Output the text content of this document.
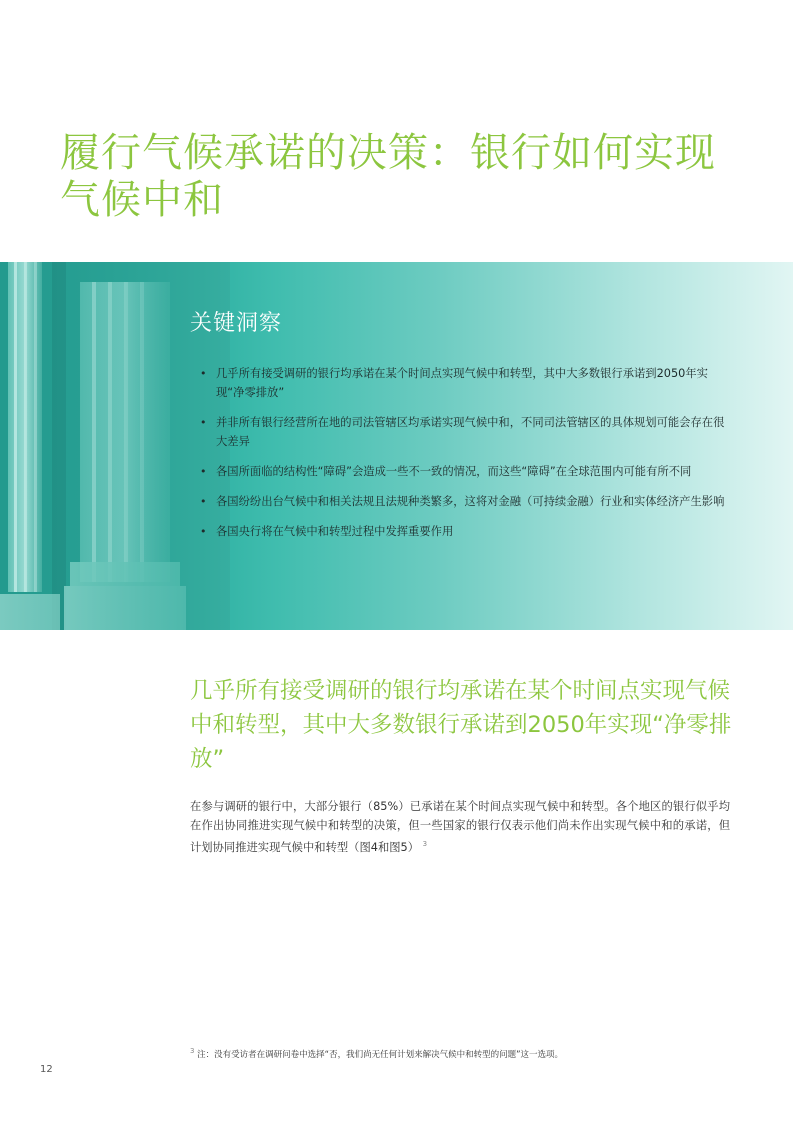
履行气候承诺的决策：银行如何实现气候中和
关键洞察
• 几乎所有接受调研的银行均承诺在某个时间点实现气候中和转型，其中大多数银行承诺到2050年实现“净零排放”
• 并非所有银行经营所在地的司法管辖区均承诺实现气候中和，不同司法管辖区的具体规划可能会存在很大差异
• 各国所面临的结构性“障碍”会造成一些不一致的情况，而这些“障碍”在全球范围内可能有所不同
• 各国纷纷出台气候中和相关法规且法规种类繁多，这将对金融（可持续金融）行业和实体经济产生影响
• 各国央行将在气候中和转型过程中发挥重要作用
几乎所有接受调研的银行均承诺在某个时间点实现气候中和转型，其中大多数银行承诺到2050年实现“净零排放”

在参与调研的银行中，大部分银行（85%）已承诺在某个时间点实现气候中和转型。各个地区的银行似乎均在作出协同推进实现气候中和转型的决策，但一些国家的银行仅表示他们尚未作出实现气候中和的承诺，但计划协同推进实现气候中和转型（图4和图5） $^3$

$^3$ 注：没有受访者在调研问卷中选择“否，我们尚无任何计划来解决气候中和转型的问题”这一选项。

12
